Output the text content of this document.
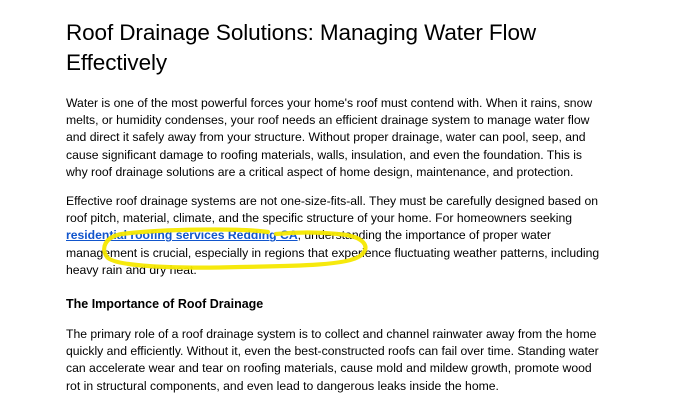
Roof Drainage Solutions: Managing Water Flow Effectively

Water is one of the most powerful forces your home's roof must contend with. When it rains, snow melts, or humidity condenses, your roof needs an efficient drainage system to manage water flow and direct it safely away from your structure. Without proper drainage, water can pool, seep, and cause significant damage to roofing materials, walls, insulation, and even the foundation. This is why roof drainage solutions are a critical aspect of home design, maintenance, and protection.

Effective roof drainage systems are not one-size-fits-all. They must be carefully designed based on roof pitch, material, climate, and the specific structure of your home. For homeowners seeking residential roofing services Redding CA, understanding the importance of proper water management is crucial, especially in regions that experience fluctuating weather patterns, including heavy rain and dry heat.

The Importance of Roof Drainage

The primary role of a roof drainage system is to collect and channel rainwater away from the home quickly and efficiently. Without it, even the best-constructed roofs can fail over time. Standing water can accelerate wear and tear on roofing materials, cause mold and mildew growth, promote wood rot in structural components, and even lead to dangerous leaks inside the home.
